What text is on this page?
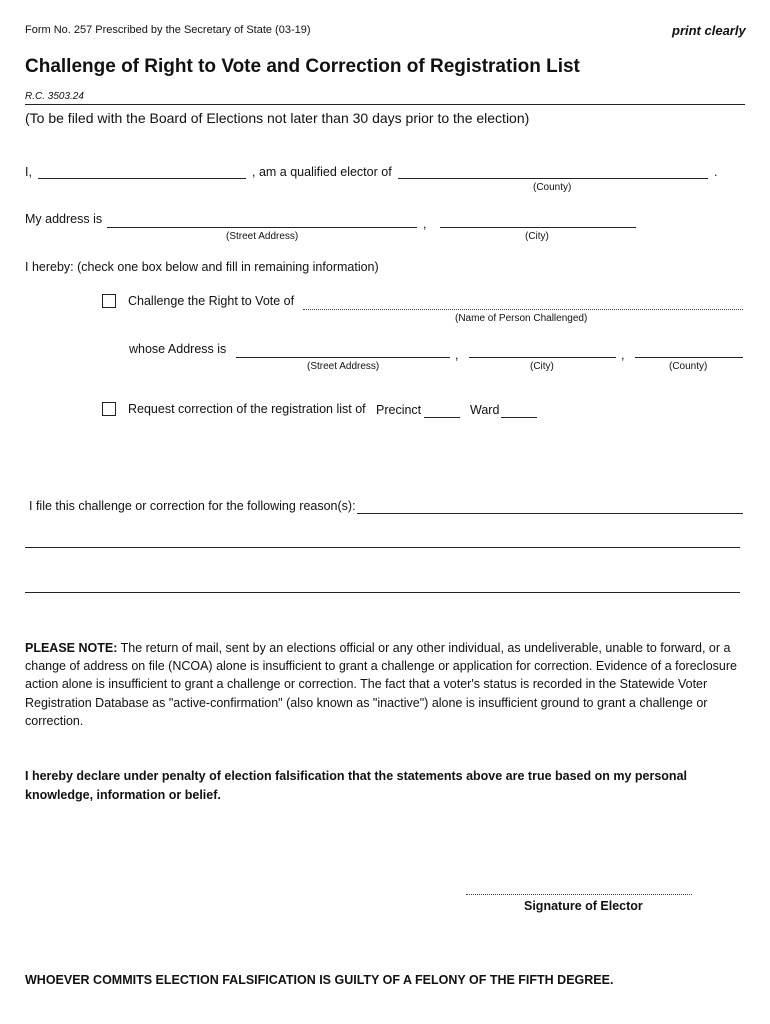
Form No. 257 Prescribed by the Secretary of State (03-19)	print clearly
Challenge of Right to Vote and Correction of Registration List
R.C. 3503.24
(To be filed with the Board of Elections not later than 30 days prior to the election)
I,	, am a qualified elector of	.
(County)
My address is	,
(Street Address)	(City)
I hereby: (check one box below and fill in remaining information)
Challenge the Right to Vote of
(Name of Person Challenged)
whose Address is	,	,
(Street Address)	(City)	(County)
Request correction of the registration list of Precinct	Ward
I file this challenge or correction for the following reason(s):
PLEASE NOTE: The return of mail, sent by an elections official or any other individual, as undeliverable, unable to forward, or a change of address on file (NCOA) alone is insufficient to grant a challenge or application for correction. Evidence of a foreclosure action alone is insufficient to grant a challenge or correction. The fact that a voter's status is recorded in the Statewide Voter Registration Database as "active-confirmation" (also known as "inactive") alone is insufficient ground to grant a challenge or correction.
I hereby declare under penalty of election falsification that the statements above are true based on my personal knowledge, information or belief.
Signature of Elector
WHOEVER COMMITS ELECTION FALSIFICATION IS GUILTY OF A FELONY OF THE FIFTH DEGREE.
